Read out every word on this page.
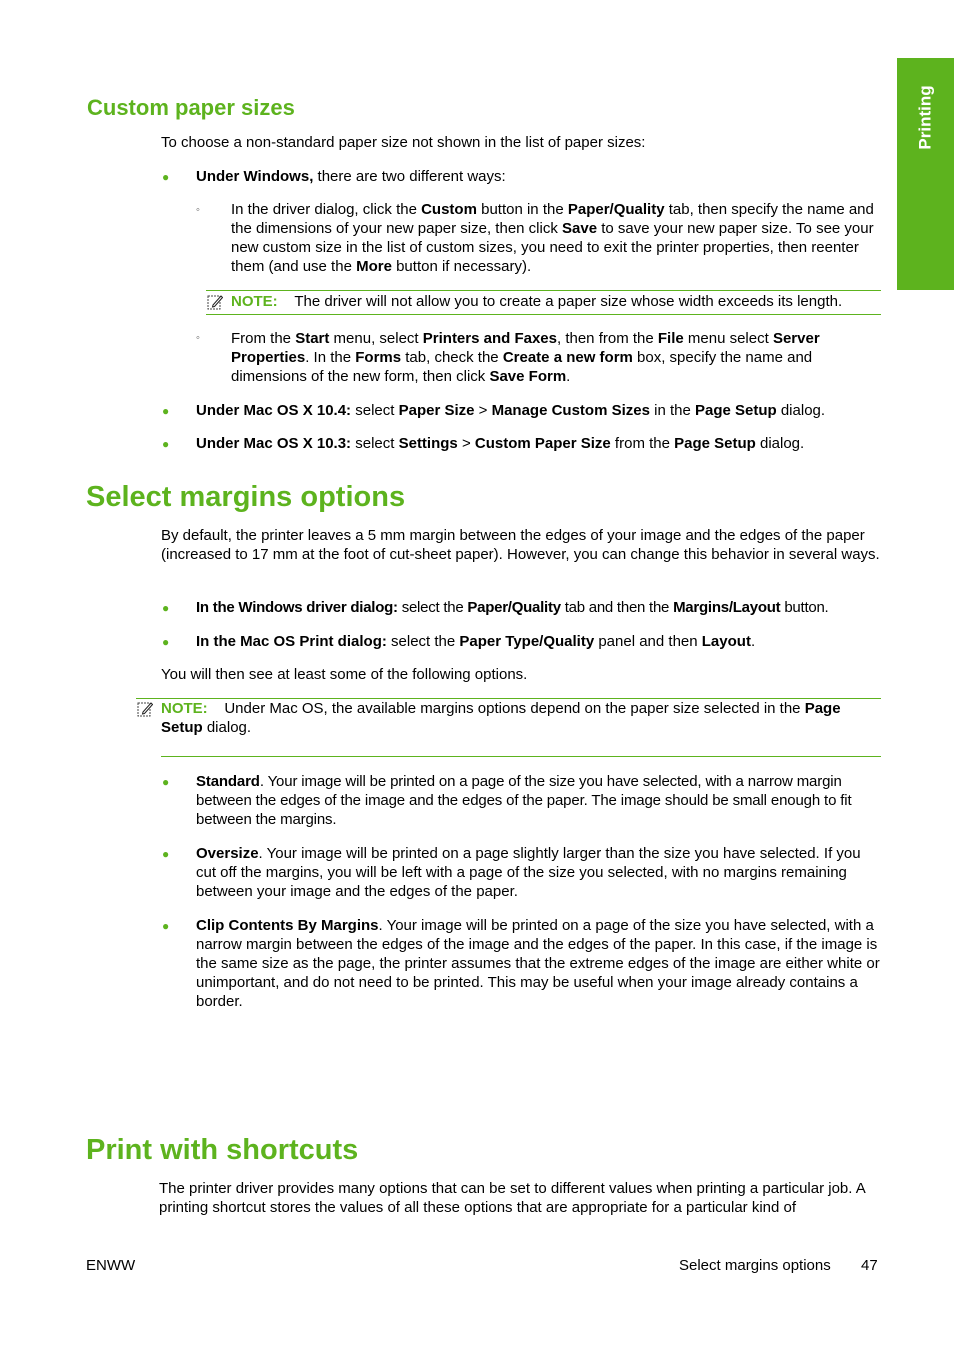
Printing
Custom paper sizes

To choose a non-standard paper size not shown in the list of paper sizes:

● Under Windows, there are two different ways:

◦ In the driver dialog, click the Custom button in the Paper/Quality tab, then specify the name and the dimensions of your new paper size, then click Save to save your new paper size. To see your new custom size in the list of custom sizes, you need to exit the printer properties, then reenter them (and use the More button if necessary).

NOTE: The driver will not allow you to create a paper size whose width exceeds its length.

◦ From the Start menu, select Printers and Faxes, then from the File menu select Server Properties. In the Forms tab, check the Create a new form box, specify the name and dimensions of the new form, then click Save Form.

● Under Mac OS X 10.4: select Paper Size > Manage Custom Sizes in the Page Setup dialog.

● Under Mac OS X 10.3: select Settings > Custom Paper Size from the Page Setup dialog.

Select margins options

By default, the printer leaves a 5 mm margin between the edges of your image and the edges of the paper (increased to 17 mm at the foot of cut-sheet paper). However, you can change this behavior in several ways.

● In the Windows driver dialog: select the Paper/Quality tab and then the Margins/Layout button.

● In the Mac OS Print dialog: select the Paper Type/Quality panel and then Layout.

You will then see at least some of the following options.

NOTE: Under Mac OS, the available margins options depend on the paper size selected in the Page Setup dialog.

● Standard. Your image will be printed on a page of the size you have selected, with a narrow margin between the edges of the image and the edges of the paper. The image should be small enough to fit between the margins.

● Oversize. Your image will be printed on a page slightly larger than the size you have selected. If you cut off the margins, you will be left with a page of the size you selected, with no margins remaining between your image and the edges of the paper.

● Clip Contents By Margins. Your image will be printed on a page of the size you have selected, with a narrow margin between the edges of the image and the edges of the paper. In this case, if the image is the same size as the page, the printer assumes that the extreme edges of the image are either white or unimportant, and do not need to be printed. This may be useful when your image already contains a border.

Print with shortcuts

The printer driver provides many options that can be set to different values when printing a particular job. A printing shortcut stores the values of all these options that are appropriate for a particular kind of

ENWW	Select margins options 47
